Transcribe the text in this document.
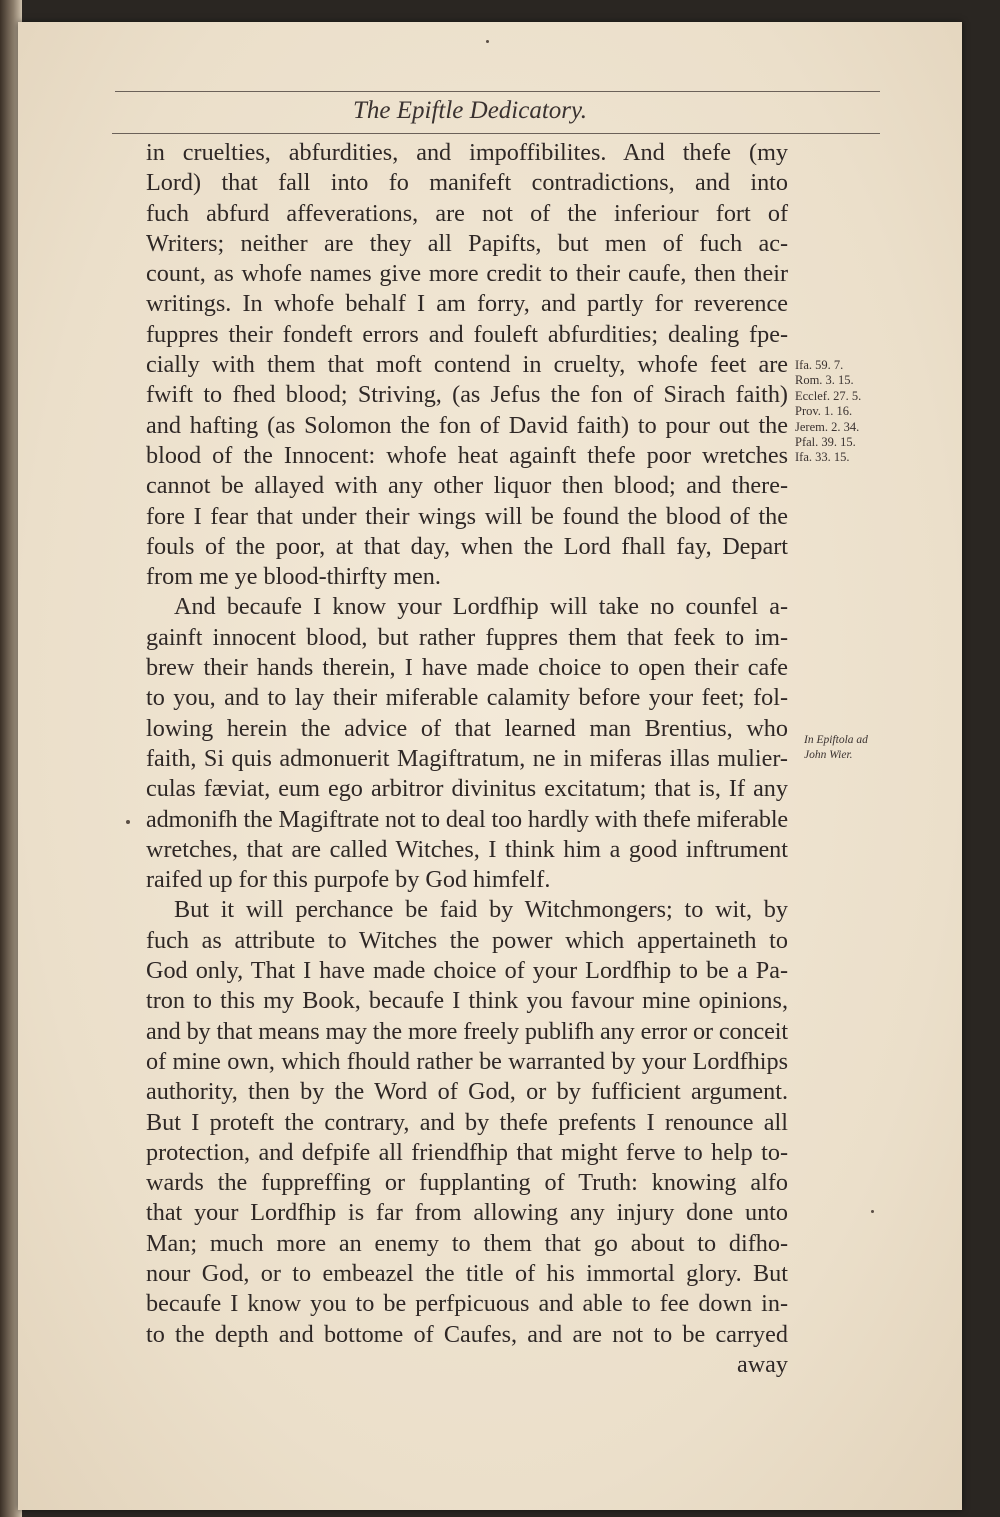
The Epiftle Dedicatory.
in cruelties, abfurdities, and impoffibilites. And thefe (my
Lord) that fall into fo manifeft contradictions, and into
fuch abfurd affeverations, are not of the inferiour fort of
Writers; neither are they all Papifts, but men of fuch ac-
count, as whofe names give more credit to their caufe, then their
writings. In whofe behalf I am forry, and partly for reverence
fuppres their fondeft errors and fouleft abfurdities; dealing fpe-
cially with them that moft contend in cruelty, whofe feet are
fwift to fhed blood; Striving, (as Jefus the fon of Sirach faith)
and hafting (as Solomon the fon of David faith) to pour out the
blood of the Innocent: whofe heat againft thefe poor wretches
cannot be allayed with any other liquor then blood; and there-
fore I fear that under their wings will be found the blood of the
fouls of the poor, at that day, when the Lord fhall fay, Depart
from me ye blood-thirfty men.
And becaufe I know your Lordfhip will take no counfel a-
gainft innocent blood, but rather fuppres them that feek to im-
brew their hands therein, I have made choice to open their cafe
to you, and to lay their miferable calamity before your feet; fol-
lowing herein the advice of that learned man Brentius, who
faith, Si quis admonuerit Magiftratum, ne in miferas illas mulier-
culas fæviat, eum ego arbitror divinitus excitatum; that is, If any
admonifh the Magiftrate not to deal too hardly with thefe miferable
wretches, that are called Witches, I think him a good inftrument
raifed up for this purpofe by God himfelf.
But it will perchance be faid by Witchmongers; to wit, by
fuch as attribute to Witches the power which appertaineth to
God only, That I have made choice of your Lordfhip to be a Pa-
tron to this my Book, becaufe I think you favour mine opinions,
and by that means may the more freely publifh any error or conceit
of mine own, which fhould rather be warranted by your Lordfhips
authority, then by the Word of God, or by fufficient argument.
But I proteft the contrary, and by thefe prefents I renounce all
protection, and defpife all friendfhip that might ferve to help to-
wards the fuppreffing or fupplanting of Truth: knowing alfo
that your Lordfhip is far from allowing any injury done unto
Man; much more an enemy to them that go about to difho-
nour God, or to embeazel the title of his immortal glory. But
becaufe I know you to be perfpicuous and able to fee down in-
to the depth and bottome of Caufes, and are not to be carryed
away
Ifa. 59. 7.
Rom. 3. 15.
Ecclef. 27. 5.
Prov. 1. 16.
Jerem. 2. 34.
Pfal. 39. 15.
Ifa. 33. 15.
In Epiftola ad
John Wier.
